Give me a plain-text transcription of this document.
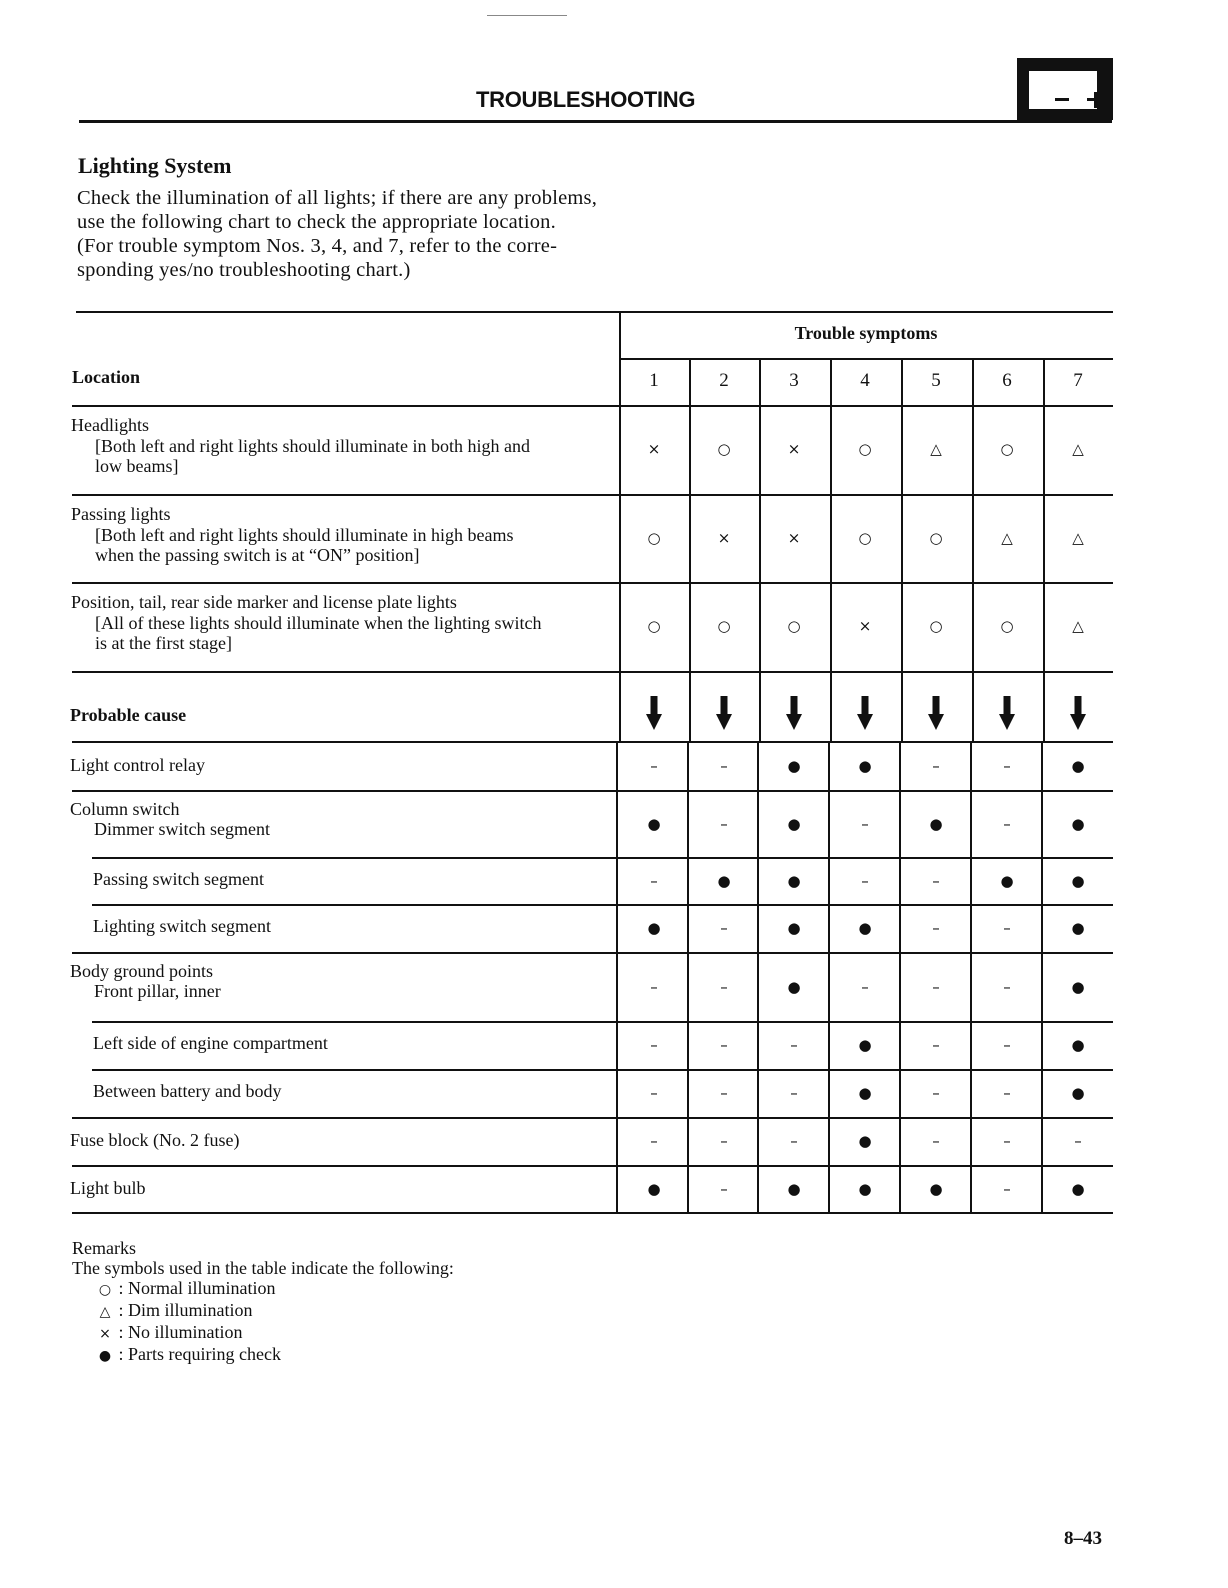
TROUBLESHOOTING
Lighting System
Check the illumination of all lights; if there are any problems,
use the following chart to check the appropriate location.
(For trouble symptom Nos. 3, 4, and 7, refer to the corre-
sponding yes/no troubleshooting chart.)
Trouble symptoms
Location	1	2	3	4	5	6	7
Headlights
[Both left and right lights should illuminate in both high and
low beams]
×	○	×	○	△	○	△
Passing lights
[Both left and right lights should illuminate in high beams
when the passing switch is at “ON” position]
○	×	×	○	○	△	△
Position, tail, rear side marker and license plate lights
[All of these lights should illuminate when the lighting switch
is at the first stage]
○	○	○	×	○	○	△
Probable cause
Light control relay	–	–	●	●	–	–	●
Column switch
Dimmer switch segment	●	–	●	–	●	–	●
Passing switch segment	–	●	●	–	–	●	●
Lighting switch segment	●	–	●	●	–	–	●
Body ground points
Front pillar, inner	–	–	●	–	–	–	●
Left side of engine compartment	–	–	–	●	–	–	●
Between battery and body	–	–	–	●	–	–	●
Fuse block (No. 2 fuse)	–	–	–	●	–	–	–
Light bulb	●	–	●	●	●	–	●
Remarks
The symbols used in the table indicate the following:
○ : Normal illumination
△ : Dim illumination
× : No illumination
● : Parts requiring check
8–43
